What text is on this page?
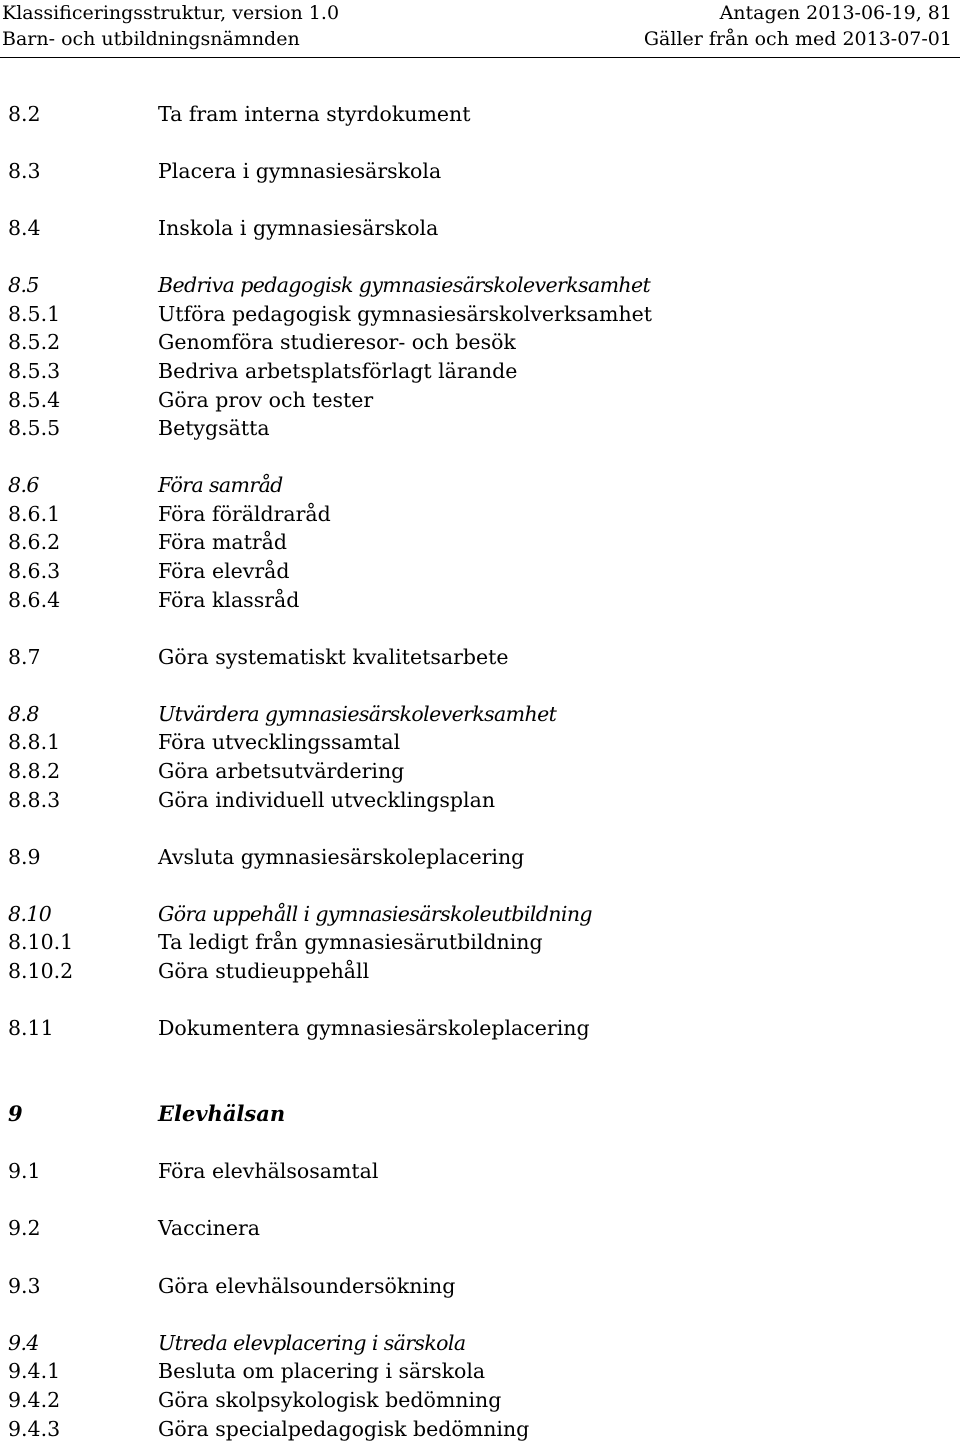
Klassificeringsstruktur, version 1.0
Barn- och utbildningsnämnden
Antagen 2013-06-19, 81
Gäller från och med 2013-07-01
8.2	Ta fram interna styrdokument
8.3	Placera i gymnasiesärskola
8.4	Inskola i gymnasiesärskola
8.5	Bedriva pedagogisk gymnasiesärskoleverksamhet
8.5.1	Utföra pedagogisk gymnasiesärskolverksamhet
8.5.2	Genomföra studieresor- och besök
8.5.3	Bedriva arbetsplatsförlagt lärande
8.5.4	Göra prov och tester
8.5.5	Betygsätta
8.6	Föra samråd
8.6.1	Föra föräldraråd
8.6.2	Föra matråd
8.6.3	Föra elevråd
8.6.4	Föra klassråd
8.7	Göra systematiskt kvalitetsarbete
8.8	Utvärdera gymnasiesärskoleverksamhet
8.8.1	Föra utvecklingssamtal
8.8.2	Göra arbetsutvärdering
8.8.3	Göra individuell utvecklingsplan
8.9	Avsluta gymnasiesärskoleplacering
8.10	Göra uppehåll i gymnasiesärskoleutbildning
8.10.1	Ta ledigt från gymnasiesärutbildning
8.10.2	Göra studieuppehåll
8.11	Dokumentera gymnasiesärskoleplacering
9	Elevhälsan
9.1	Föra elevhälsosamtal
9.2	Vaccinera
9.3	Göra elevhälsoundersökning
9.4	Utreda elevplacering i särskola
9.4.1	Besluta om placering i särskola
9.4.2	Göra skolpsykologisk bedömning
9.4.3	Göra specialpedagogisk bedömning
